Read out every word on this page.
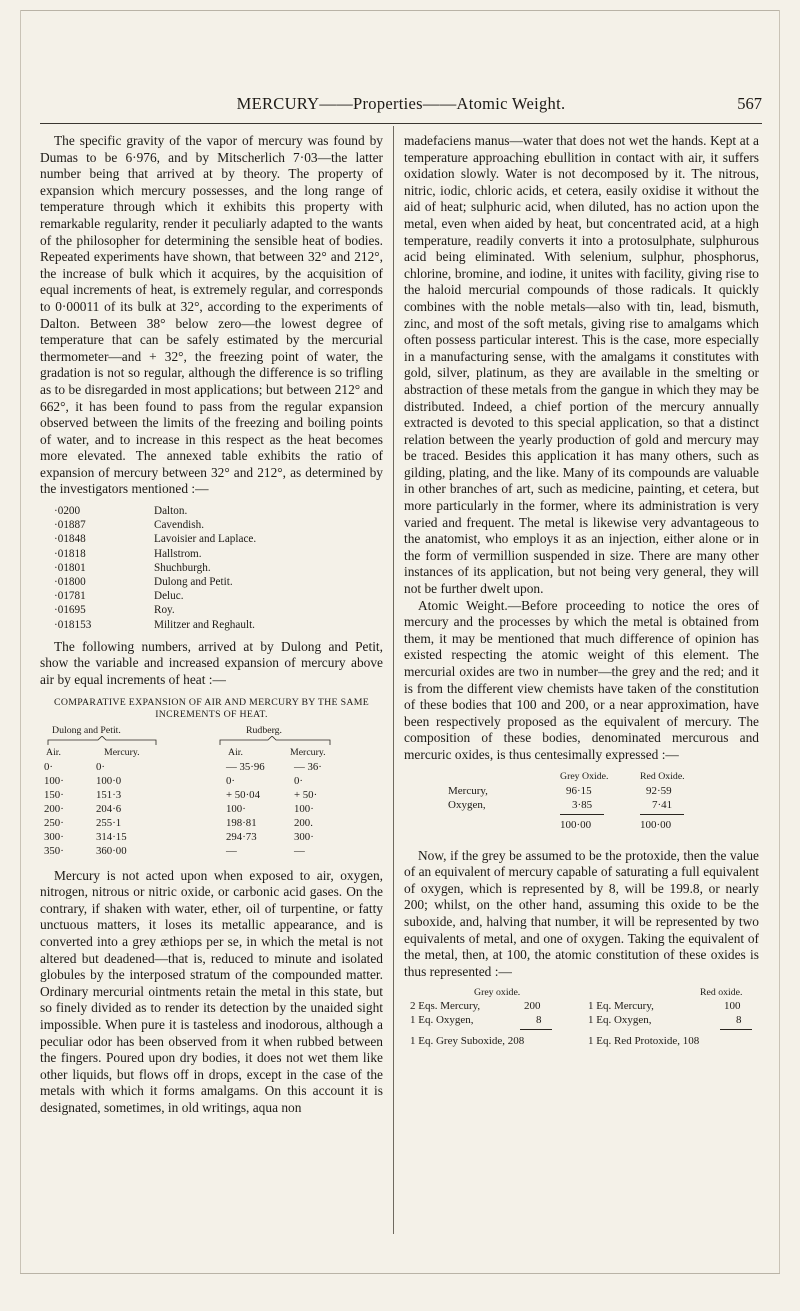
MERCURY——Properties——Atomic Weight.	567

The specific gravity of the vapor of mercury was found by Dumas to be 6·976, and by Mitscherlich 7·03—the latter number being that arrived at by theory. The property of expansion which mercury possesses, and the long range of temperature through which it exhibits this property with remarkable regularity, render it peculiarly adapted to the wants of the philosopher for determining the sensible heat of bodies. Repeated experiments have shown, that between 32° and 212°, the increase of bulk which it acquires, by the acquisition of equal increments of heat, is extremely regular, and corresponds to 0·00011 of its bulk at 32°, according to the experiments of Dalton. Between 38° below zero—the lowest degree of temperature that can be safely estimated by the mercurial thermometer—and + 32°, the freezing point of water, the gradation is not so regular, although the difference is so trifling as to be disregarded in most applications; but between 212° and 662°, it has been found to pass from the regular expansion observed between the limits of the freezing and boiling points of water, and to increase in this respect as the heat becomes more elevated. The annexed table exhibits the ratio of expansion of mercury between 32° and 212°, as determined by the investigators mentioned :—

·0200	Dalton.
·01887	Cavendish.
·01848	Lavoisier and Laplace.
·01818	Hallstrom.
·01801	Shuchburgh.
·01800	Dulong and Petit.
·01781	Deluc.
·01695	Roy.
·018153	Militzer and Reghault.

The following numbers, arrived at by Dulong and Petit, show the variable and increased expansion of mercury above air by equal increments of heat :—

COMPARATIVE EXPANSION OF AIR AND MERCURY BY THE SAME INCREMENTS OF HEAT.
Dulong and Petit.	Rudberg.
Air.	Mercury.	Air.	Mercury.
0·	0·	— 35·96	— 36·
100·	100·0	0·	0·
150·	151·3	+ 50·04	+ 50·
200·	204·6	100·	100·
250·	255·1	198·81	200.
300·	314·15	294·73	300·
350·	360·00	—	—

Mercury is not acted upon when exposed to air, oxygen, nitrogen, nitrous or nitric oxide, or carbonic acid gases. On the contrary, if shaken with water, ether, oil of turpentine, or fatty unctuous matters, it loses its metallic appearance, and is converted into a grey æthiops per se, in which the metal is not altered but deadened—that is, reduced to minute and isolated globules by the interposed stratum of the compounded matter. Ordinary mercurial ointments retain the metal in this state, but so finely divided as to render its detection by the unaided sight impossible. When pure it is tasteless and inodorous, although a peculiar odor has been observed from it when rubbed between the fingers. Poured upon dry bodies, it does not wet them like other liquids, but flows off in drops, except in the case of the metals with which it forms amalgams. On this account it is designated, sometimes, in old writings, aqua non

madefaciens manus—water that does not wet the hands. Kept at a temperature approaching ebullition in contact with air, it suffers oxidation slowly. Water is not decomposed by it. The nitrous, nitric, iodic, chloric acids, et cetera, easily oxidise it without the aid of heat; sulphuric acid, when diluted, has no action upon the metal, even when aided by heat, but concentrated acid, at a high temperature, readily converts it into a protosulphate, sulphurous acid being eliminated. With selenium, sulphur, phosphorus, chlorine, bromine, and iodine, it unites with facility, giving rise to the haloid mercurial compounds of those radicals. It quickly combines with the noble metals—also with tin, lead, bismuth, zinc, and most of the soft metals, giving rise to amalgams which often possess particular interest. This is the case, more especially in a manufacturing sense, with the amalgams it constitutes with gold, silver, platinum, as they are available in the smelting or abstraction of these metals from the gangue in which they may be distributed. Indeed, a chief portion of the mercury annually extracted is devoted to this special application, so that a distinct relation between the yearly production of gold and mercury may be traced. Besides this application it has many others, such as gilding, plating, and the like. Many of its compounds are valuable in other branches of art, such as medicine, painting, et cetera, but more particularly in the former, where its administration is very varied and frequent. The metal is likewise very advantageous to the anatomist, who employs it as an injection, either alone or in the form of vermillion suspended in size. There are many other instances of its application, but not being very general, they will not be further dwelt upon.

Atomic Weight.—Before proceeding to notice the ores of mercury and the processes by which the metal is obtained from them, it may be mentioned that much difference of opinion has existed respecting the atomic weight of this element. The mercurial oxides are two in number—the grey and the red; and it is from the different view chemists have taken of the constitution of these bodies that 100 and 200, or a near approximation, have been respectively proposed as the equivalent of mercury. The composition of these bodies, denominated mercurous and mercuric oxides, is thus centesimally expressed :—

Grey Oxide.	Red Oxide.
Mercury,	96·15	92·59
Oxygen,	3·85	7·41
100·00	100·00

Now, if the grey be assumed to be the protoxide, then the value of an equivalent of mercury capable of saturating a full equivalent of oxygen, which is represented by 8, will be 199.8, or nearly 200; whilst, on the other hand, assuming this oxide to be the suboxide, and, halving that number, it will be represented by two equivalents of metal, and one of oxygen. Taking the equivalent of the metal, then, at 100, the atomic constitution of these oxides is thus represented :—

Grey oxide.	Red oxide.
2 Eqs. Mercury,	200
1 Eq. Oxygen,	8
1 Eq. Mercury,	100
1 Eq. Oxygen,	8
1 Eq. Grey Suboxide, 208	1 Eq. Red Protoxide, 108
